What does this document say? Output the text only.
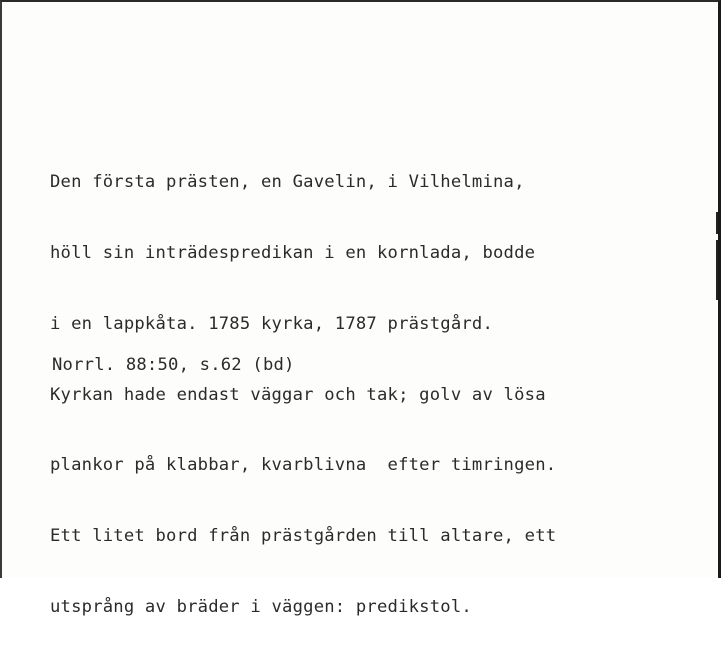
Den första prästen, en Gavelin, i Vilhelmina,

höll sin inträdespredikan i en kornlada, bodde

i en lappkåta. 1785 kyrka, 1787 prästgård.

Kyrkan hade endast väggar och tak; golv av lösa

plankor på klabbar, kvarblivna  efter timringen.

Ett litet bord från prästgården till altare, ett

utsprång av bräder i väggen: predikstol.

Norrl. 88:50, s.62 (bd)
